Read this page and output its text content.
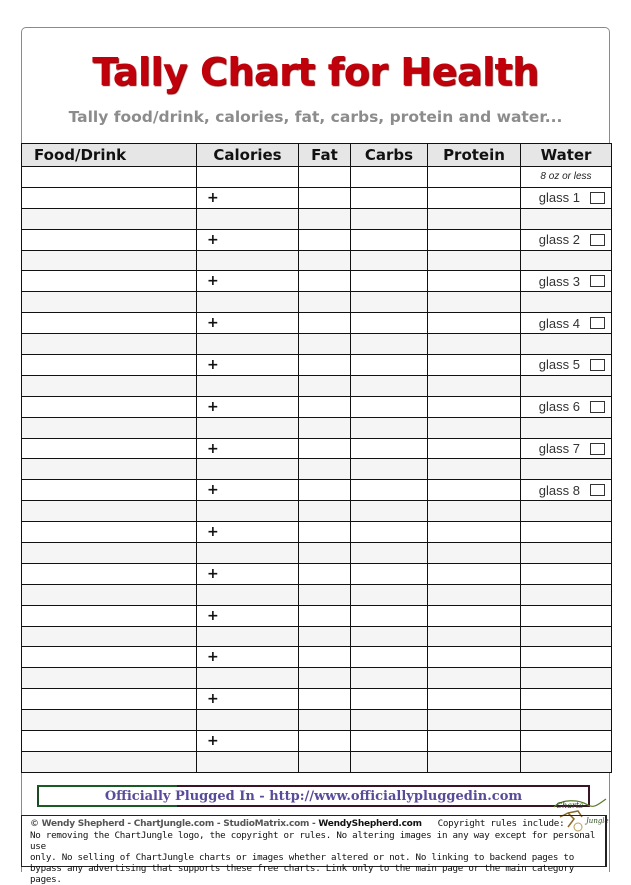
Tally Chart for Health
Tally food/drink, calories, fat, carbs, protein and water...
Food/Drink	Calories	Fat	Carbs	Protein	Water

					8 oz or less

	+				glass 1

	+				glass 2

	+				glass 3

	+				glass 4

	+				glass 5

	+				glass 6

	+				glass 7

	+				glass 8

	+				

	+				

	+				

	+				

	+				

	+				

Officially Plugged In - http://www.officiallypluggedin.com
Charts
Jungle
© Wendy Shepherd - ChartJungle.com - StudioMatrix.com - WendyShepherd.com Copyright rules include:
No removing the ChartJungle logo, the copyright or rules. No altering images in any way except for personal use
only. No selling of ChartJungle charts or images whether altered or not. No linking to backend pages to
bypass any advertising that supports these free charts. Link only to the main page or the main category pages.
